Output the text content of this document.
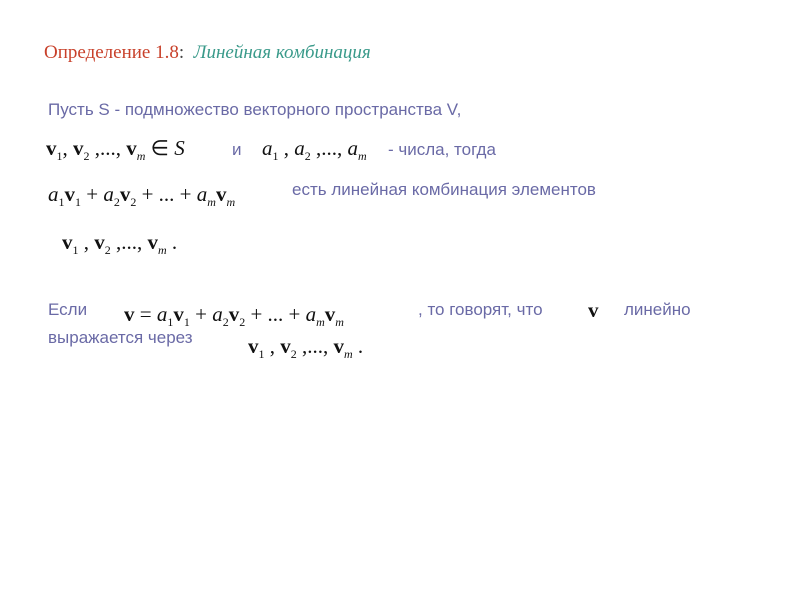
Определение 1.8: Линейная комбинация
Пусть S - подмножество векторного пространства V,
$v_1$, $v_2$ ,..., $v_m$ ∈ S	и $a_1$ , $a_2$ ,..., $a_m$ - числа, тогда
$a_1v_1 + a_2v_2$ + ... + $a_mv_m$
есть линейная комбинация элементов
$v_1$ , $v_2$ ,..., $v_m$ .
Если $v = a_1v_1 + a_2v_2$ + ... + $a_mv_m$
, то говорят, что v линейно
выражается через	$v_1$ , $v_2$ ,..., $v_m$ .
